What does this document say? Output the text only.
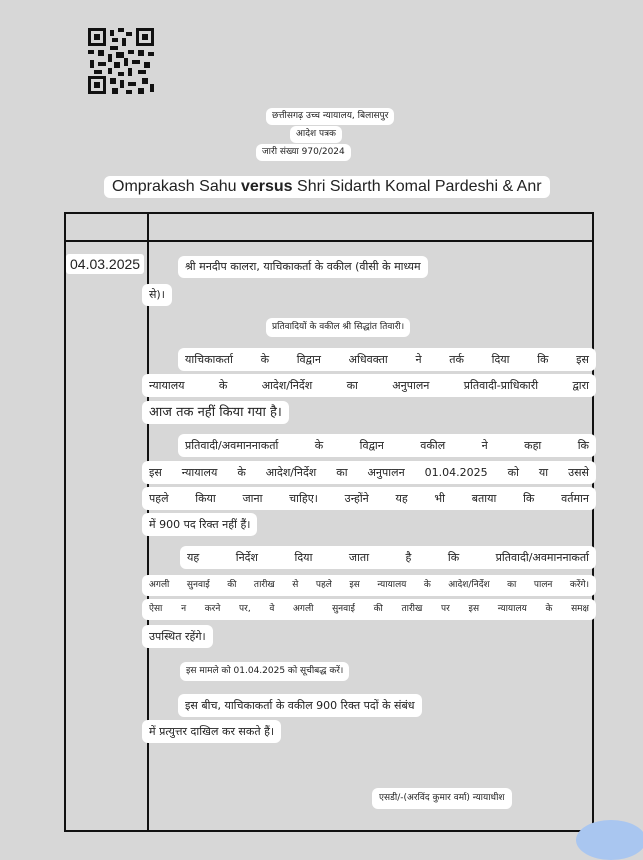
छत्तीसगढ़ उच्च न्यायालय, बिलासपुर
आदेश पत्रक
जारी संख्या 970/2024
Omprakash Sahu versus Shri Sidarth Komal Pardeshi & Anr
04.03.2025	श्री मनदीप कालरा, याचिकाकर्ता के वकील (वीसी के माध्यम
से)।
प्रतिवादियों के वकील श्री सिद्धांत तिवारी।
याचिकाकर्ता के विद्वान अधिवक्ता ने तर्क दिया कि इस
न्यायालय के आदेश/निर्देश का अनुपालन प्रतिवादी-प्राधिकारी द्वारा
आज तक नहीं किया गया है।
प्रतिवादी/अवमाननाकर्ता के विद्वान वकील ने कहा कि
इस न्यायालय के आदेश/निर्देश का अनुपालन 01.04.2025 को या उससे
पहले किया जाना चाहिए। उन्होंने यह भी बताया कि वर्तमान
में 900 पद रिक्त नहीं हैं।
यह निर्देश दिया जाता है कि प्रतिवादी/अवमाननाकर्ता
अगली सुनवाई की तारीख से पहले इस न्यायालय के आदेश/निर्देश का पालन करेंगे।
ऐसा न करने पर, वे अगली सुनवाई की तारीख पर इस न्यायालय के समक्ष
उपस्थित रहेंगे।
इस मामले को 01.04.2025 को सूचीबद्ध करें।
इस बीच, याचिकाकर्ता के वकील 900 रिक्त पदों के संबंध
में प्रत्युत्तर दाखिल कर सकते हैं।
एसडी/-(अरविंद कुमार वर्मा) न्यायाधीश
